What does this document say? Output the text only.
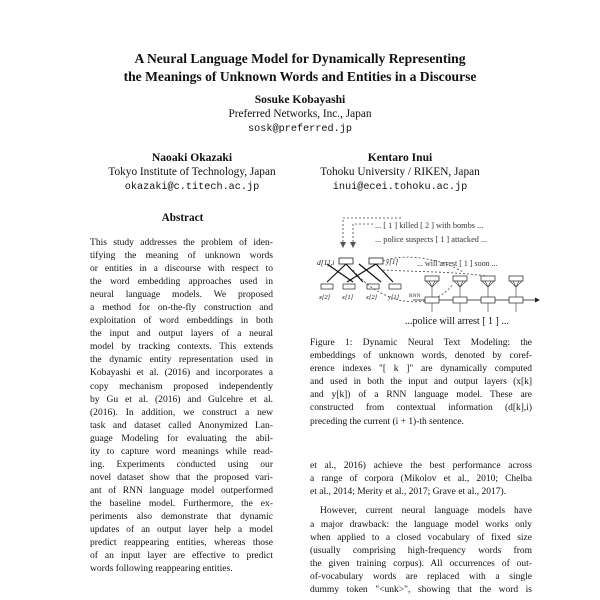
A Neural Language Model for Dynamically Representing
the Meanings of Unknown Words and Entities in a Discourse
Sosuke Kobayashi
Preferred Networks, Inc., Japan
sosk@preferred.jp
Naoaki Okazaki
Tokyo Institute of Technology, Japan
okazaki@c.titech.ac.jp
Kentaro Inui
Tohoku University / RIKEN, Japan
inui@ecei.tohoku.ac.jp
Abstract
This study addresses the problem of iden-
tifying the meaning of unknown words
or entities in a discourse with respect to
the word embedding approaches used in
neural language models. We proposed
a method for on-the-fly construction and
exploitation of word embeddings in both
the input and output layers of a neural
model by tracking contexts. This extends
the dynamic entity representation used in
Kobayashi et al. (2016) and incorporates a
copy mechanism proposed independently
by Gu et al. (2016) and Gulcehre et al.
(2016). In addition, we construct a new
task and dataset called Anonymized Lan-
guage Modeling for evaluating the abil-
ity to capture word meanings while read-
ing. Experiments conducted using our
novel dataset show that the proposed vari-
ant of RNN language model outperformed
the baseline model. Furthermore, the ex-
periments also demonstrate that dynamic
updates of an output layer help a model
predict reappearing entities, whereas those
of an input layer are effective to predict
words following reappearing entities.
... [ 1 ] killed [ 2 ] with bombs ...
... police suspects [ 1 ] attacked ...
d[1],i	y[1]
x[2] x[1] x[2] y[1]
... will arrest [ 1 ] soon ...
RNN
...police will arrest [ 1 ] ...
Figure 1: Dynamic Neural Text Modeling: the
embeddings of unknown words, denoted by coref-
erence indexes "[ k ]" are dynamically computed
and used in both the input and output layers (x[k]
and y[k]) of a RNN language model. These are
constructed from contextual information (d[k],i)
preceding the current (i + 1)-th sentence.
et al., 2016) achieve the best performance across
a range of corpora (Mikolov et al., 2010; Chelba
et al., 2014; Merity et al., 2017; Grave et al., 2017).
However, current neural language models have
a major drawback: the language model works only
when applied to a closed vocabulary of fixed size
(usually comprising high-frequency words from
the given training corpus). All occurrences of out-
of-vocabulary words are replaced with a single
dummy token "<unk>", showing that the word is
